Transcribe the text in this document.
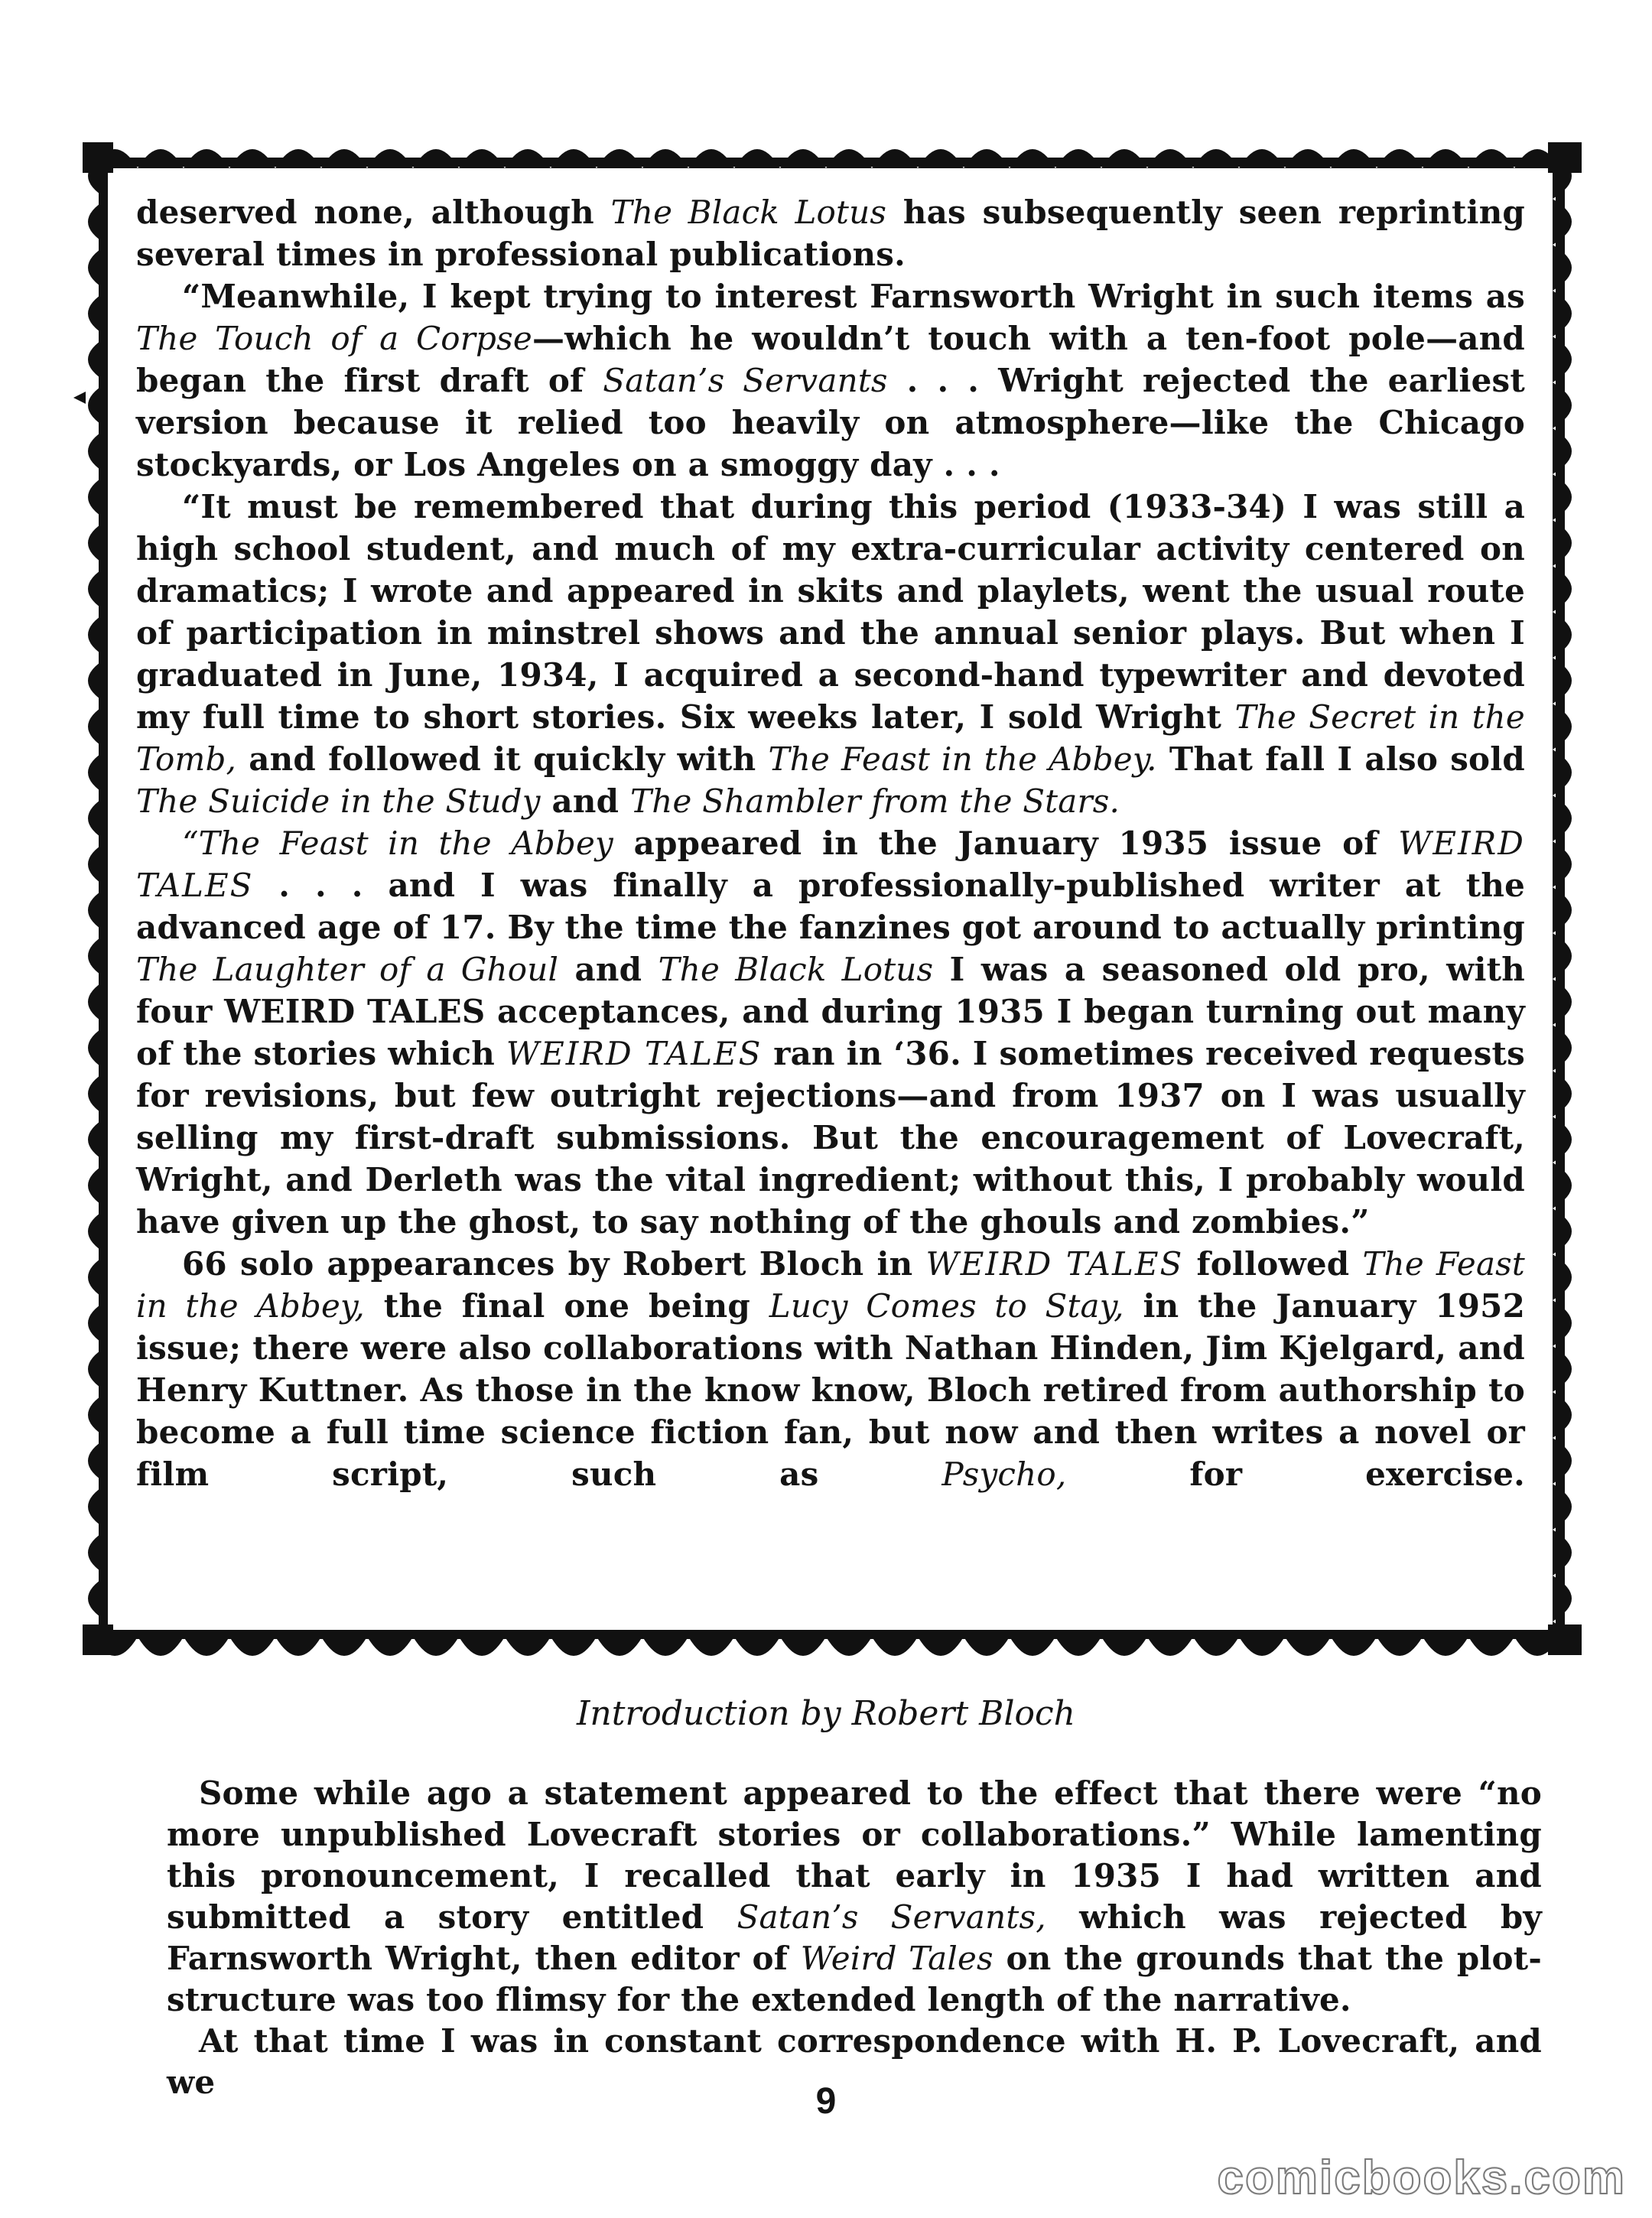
deserved none, although The Black Lotus has subsequently seen reprinting several times in professional publications.

“Meanwhile, I kept trying to interest Farnsworth Wright in such items as The Touch of a Corpse—which he wouldn’t touch with a ten-foot pole—and began the first draft of Satan’s Servants . . . Wright rejected the earliest version because it relied too heavily on atmosphere—like the Chicago stockyards, or Los Angeles on a smoggy day . . .

“It must be remembered that during this period (1933-34) I was still a high school student, and much of my extra-curricular activity centered on dramatics; I wrote and appeared in skits and playlets, went the usual route of participation in minstrel shows and the annual senior plays. But when I graduated in June, 1934, I acquired a second-hand typewriter and devoted my full time to short stories. Six weeks later, I sold Wright The Secret in the Tomb, and followed it quickly with The Feast in the Abbey. That fall I also sold The Suicide in the Study and The Shambler from the Stars.

“The Feast in the Abbey appeared in the January 1935 issue of WEIRD TALES . . . and I was finally a professionally-published writer at the advanced age of 17. By the time the fanzines got around to actually printing The Laughter of a Ghoul and The Black Lotus I was a seasoned old pro, with four WEIRD TALES acceptances, and during 1935 I began turning out many of the stories which WEIRD TALES ran in ‘36. I sometimes received requests for revisions, but few outright rejections—and from 1937 on I was usually selling my first-draft submissions. But the encouragement of Lovecraft, Wright, and Derleth was the vital ingredient; without this, I probably would have given up the ghost, to say nothing of the ghouls and zombies.”

66 solo appearances by Robert Bloch in WEIRD TALES followed The Feast in the Abbey, the final one being Lucy Comes to Stay, in the January 1952 issue; there were also collaborations with Nathan Hinden, Jim Kjelgard, and Henry Kuttner. As those in the know know, Bloch retired from authorship to become a full time science fiction fan, but now and then writes a novel or film script, such as Psycho, for exercise.

Introduction by Robert Bloch

Some while ago a statement appeared to the effect that there were “no more unpublished Lovecraft stories or collaborations.” While lamenting this pronouncement, I recalled that early in 1935 I had written and submitted a story entitled Satan’s Servants, which was rejected by Farnsworth Wright, then editor of Weird Tales on the grounds that the plot-structure was too flimsy for the extended length of the narrative.

At that time I was in constant correspondence with H. P. Lovecraft, and we	9
comicbooks.com
